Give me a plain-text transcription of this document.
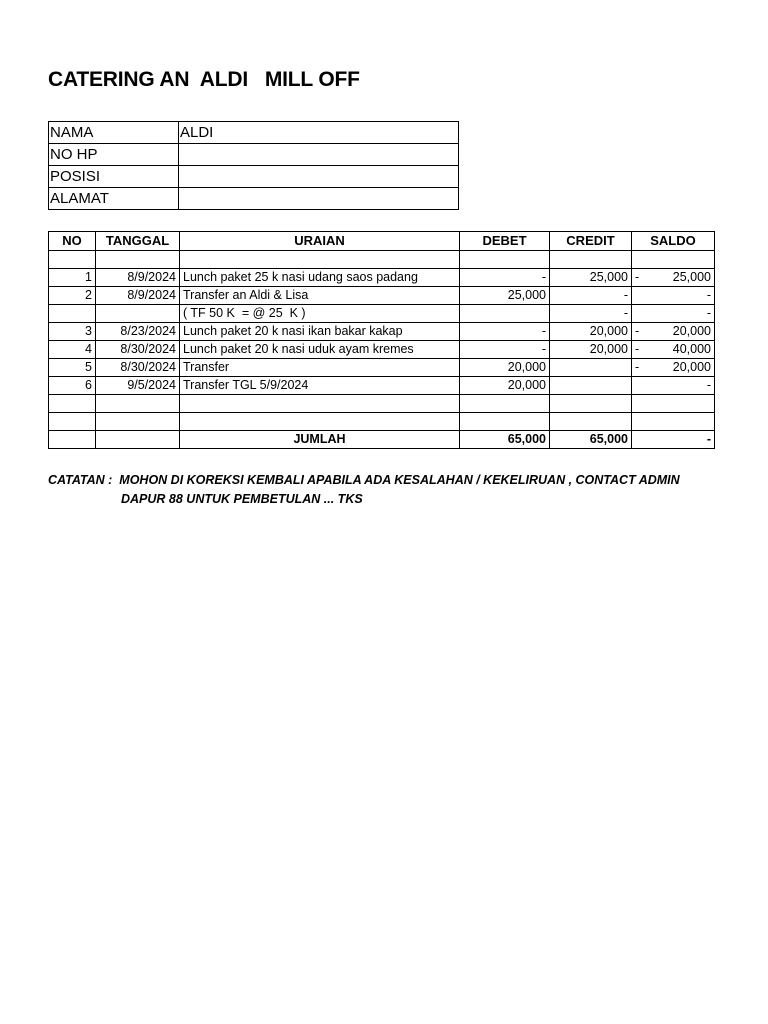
CATERING AN  ALDI   MILL OFF
NAMA	ALDI
NO HP	
POSISI	
ALAMAT	
NO	TANGGAL	URAIAN	DEBET	CREDIT	SALDO

1	8/9/2024	Lunch paket 25 k nasi udang saos padang	-	25,000	- 25,000
2	8/9/2024	Transfer an Aldi & Lisa	25,000	-	-
		( TF 50 K  = @ 25  K )		-	-
3	8/23/2024	Lunch paket 20 k nasi ikan bakar kakap	-	20,000	- 20,000
4	8/30/2024	Lunch paket 20 k nasi uduk ayam kremes	-	20,000	- 40,000
5	8/30/2024	Transfer	20,000		- 20,000
6	9/5/2024	Transfer TGL 5/9/2024	20,000		-

		JUMLAH	65,000	65,000	-
CATATAN :  MOHON DI KOREKSI KEMBALI APABILA ADA KESALAHAN / KEKELIRUAN , CONTACT ADMIN
DAPUR 88 UNTUK PEMBETULAN ... TKS
